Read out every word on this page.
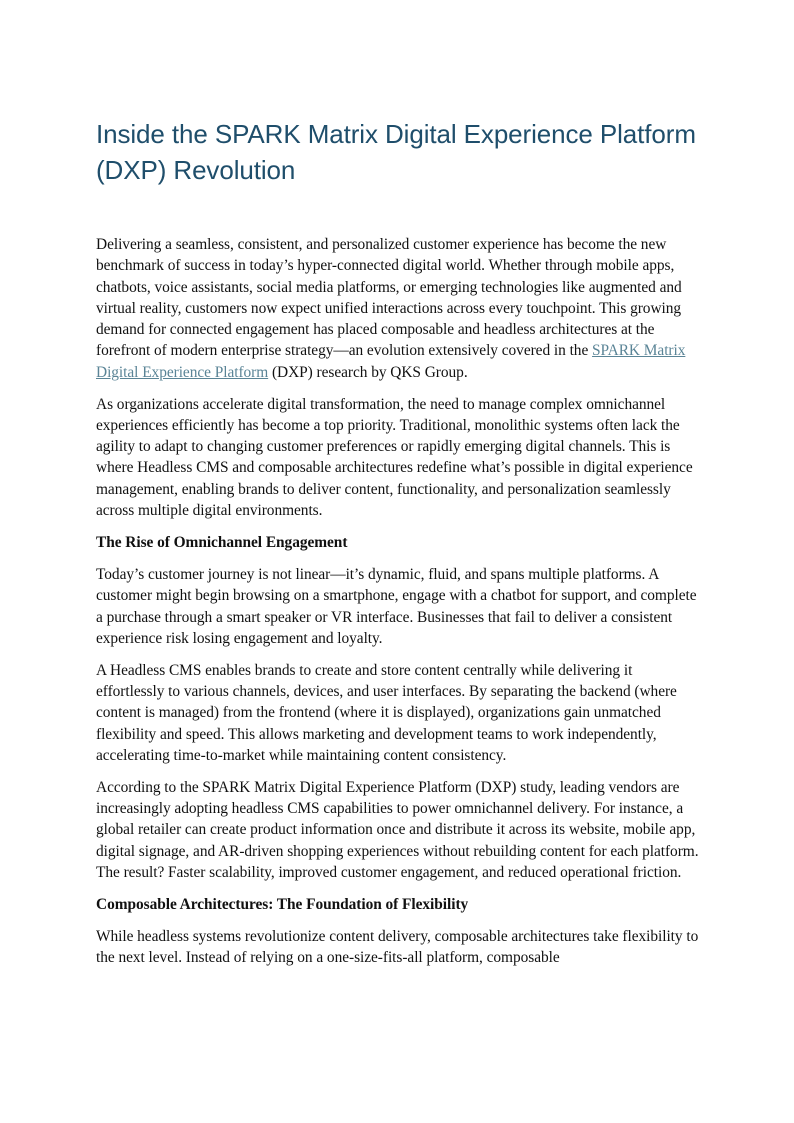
Inside the SPARK Matrix Digital Experience Platform (DXP) Revolution

Delivering a seamless, consistent, and personalized customer experience has become the new benchmark of success in today’s hyper-connected digital world. Whether through mobile apps, chatbots, voice assistants, social media platforms, or emerging technologies like augmented and virtual reality, customers now expect unified interactions across every touchpoint. This growing demand for connected engagement has placed composable and headless architectures at the forefront of modern enterprise strategy—an evolution extensively covered in the SPARK Matrix Digital Experience Platform (DXP) research by QKS Group.

As organizations accelerate digital transformation, the need to manage complex omnichannel experiences efficiently has become a top priority. Traditional, monolithic systems often lack the agility to adapt to changing customer preferences or rapidly emerging digital channels. This is where Headless CMS and composable architectures redefine what’s possible in digital experience management, enabling brands to deliver content, functionality, and personalization seamlessly across multiple digital environments.

The Rise of Omnichannel Engagement

Today’s customer journey is not linear—it’s dynamic, fluid, and spans multiple platforms. A customer might begin browsing on a smartphone, engage with a chatbot for support, and complete a purchase through a smart speaker or VR interface. Businesses that fail to deliver a consistent experience risk losing engagement and loyalty.

A Headless CMS enables brands to create and store content centrally while delivering it effortlessly to various channels, devices, and user interfaces. By separating the backend (where content is managed) from the frontend (where it is displayed), organizations gain unmatched flexibility and speed. This allows marketing and development teams to work independently, accelerating time-to-market while maintaining content consistency.

According to the SPARK Matrix Digital Experience Platform (DXP) study, leading vendors are increasingly adopting headless CMS capabilities to power omnichannel delivery. For instance, a global retailer can create product information once and distribute it across its website, mobile app, digital signage, and AR-driven shopping experiences without rebuilding content for each platform. The result? Faster scalability, improved customer engagement, and reduced operational friction.

Composable Architectures: The Foundation of Flexibility

While headless systems revolutionize content delivery, composable architectures take flexibility to the next level. Instead of relying on a one-size-fits-all platform, composable
